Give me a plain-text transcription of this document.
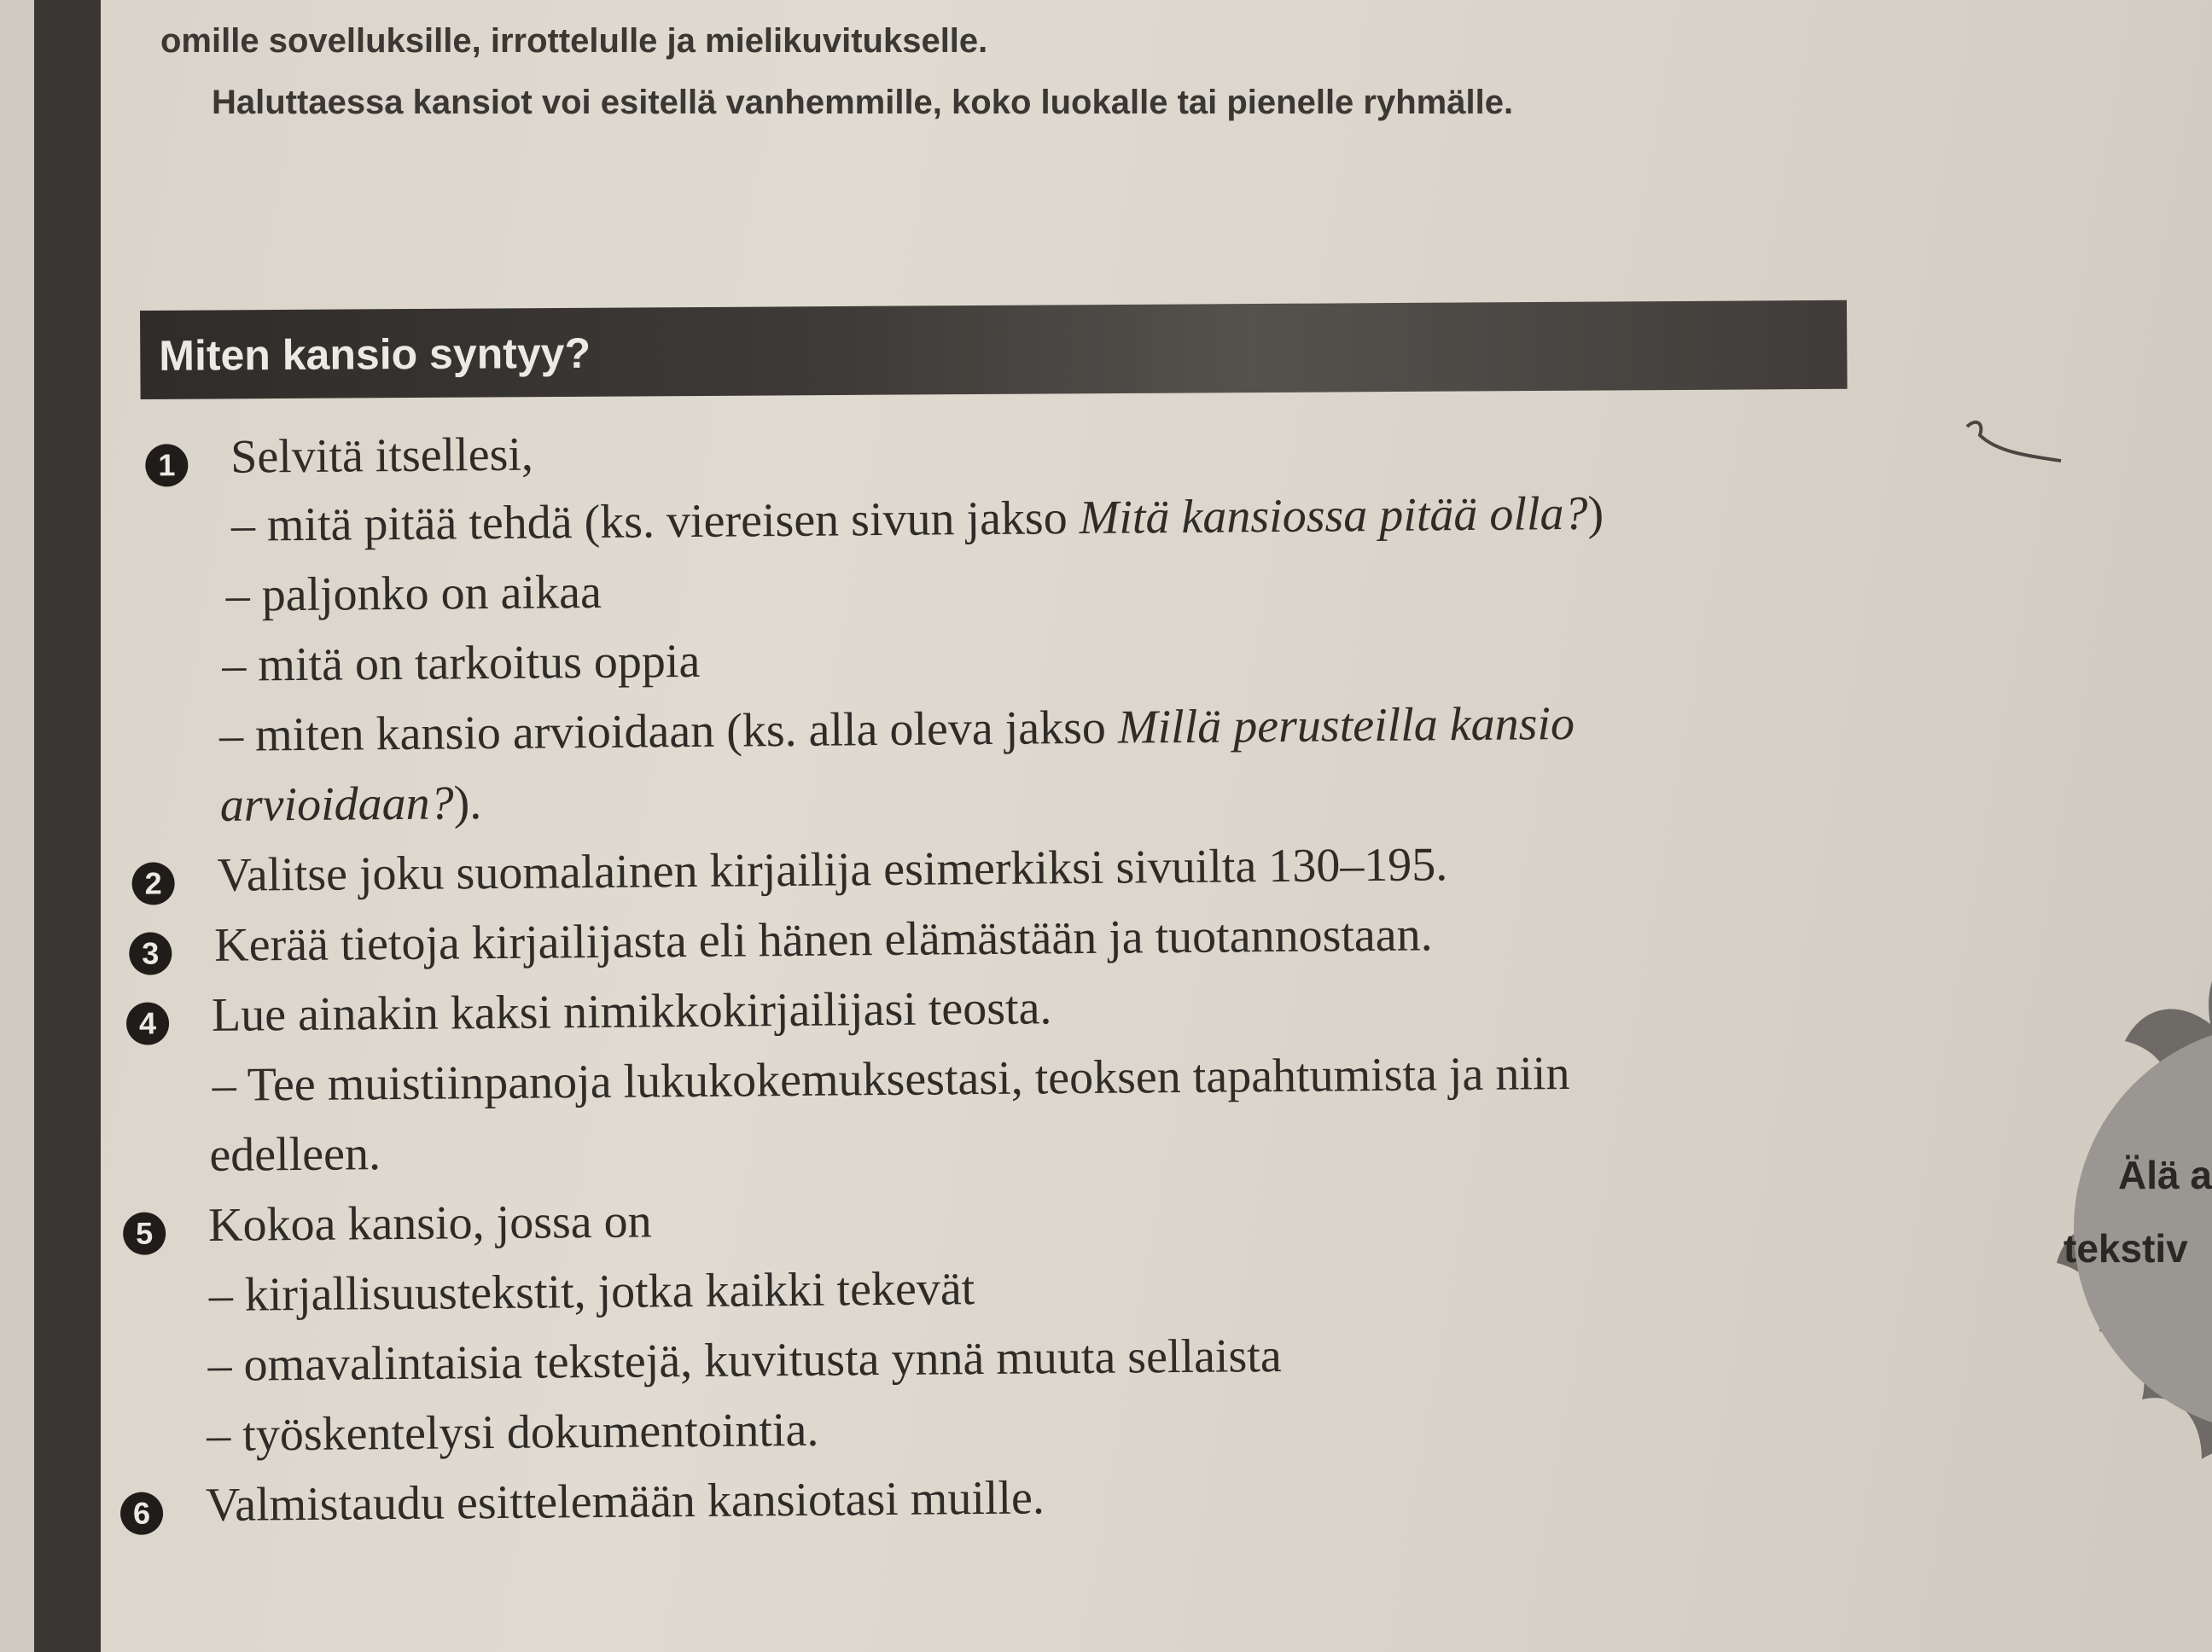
omille sovelluksille, irrottelulle ja mielikuvitukselle.
Haluttaessa kansiot voi esitellä vanhemmille, koko luokalle tai pienelle ryhmälle.
Miten kansio syntyy?
1 Selvitä itsellesi,
– mitä pitää tehdä (ks. viereisen sivun jakso Mitä kansiossa pitää olla?)
– paljonko on aikaa
– mitä on tarkoitus oppia
– miten kansio arvioidaan (ks. alla oleva jakso Millä perusteilla kansio
arvioidaan?).
2 Valitse joku suomalainen kirjailija esimerkiksi sivuilta 130–195.
3 Kerää tietoja kirjailijasta eli hänen elämästään ja tuotannostaan.
4 Lue ainakin kaksi nimikkokirjailijasi teosta.
– Tee muistiinpanoja lukukokemuksestasi, teoksen tapahtumista ja niin
edelleen.
5 Kokoa kansio, jossa on
– kirjallisuustekstit, jotka kaikki tekevät
– omavalintaisia tekstejä, kuvitusta ynnä muuta sellaista
– työskentelysi dokumentointia.
6 Valmistaudu esittelemään kansiotasi muille.
Älä a
tekstiv
